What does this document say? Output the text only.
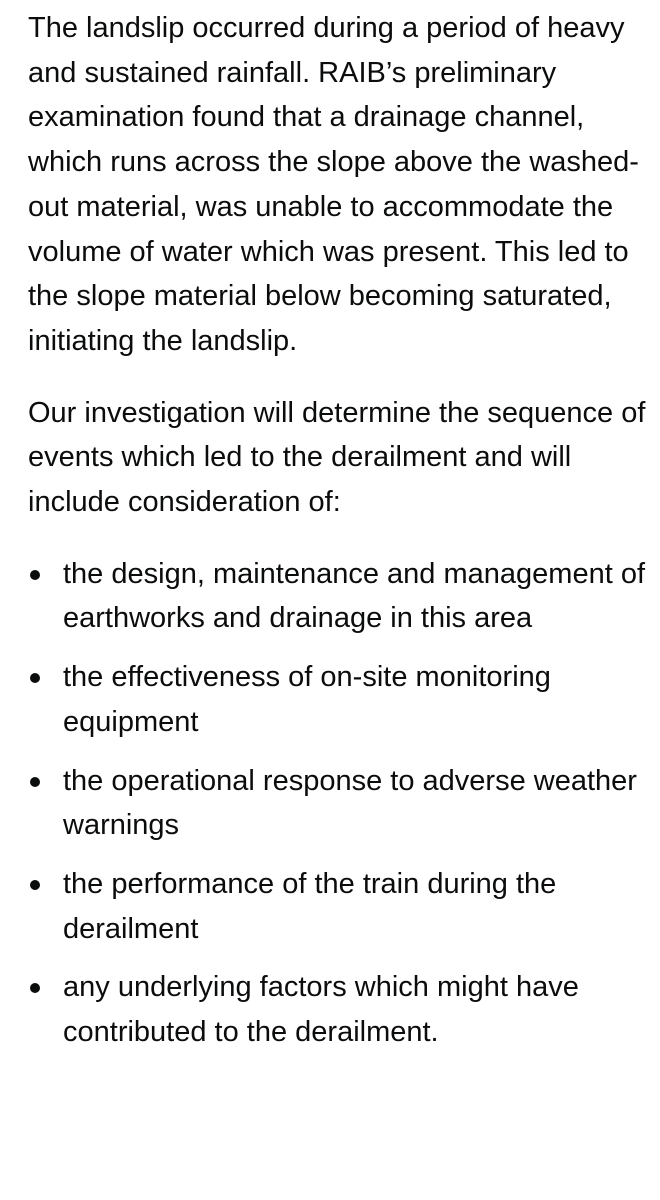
The landslip occurred during a period of heavy and sustained rainfall. RAIB’s preliminary examination found that a drainage channel, which runs across the slope above the washed-out material, was unable to accommodate the volume of water which was present. This led to the slope material below becoming saturated, initiating the landslip.

Our investigation will determine the sequence of events which led to the derailment and will include consideration of:

the design, maintenance and management of earthworks and drainage in this area
the effectiveness of on-site monitoring equipment
the operational response to adverse weather warnings
the performance of the train during the derailment
any underlying factors which might have contributed to the derailment.
